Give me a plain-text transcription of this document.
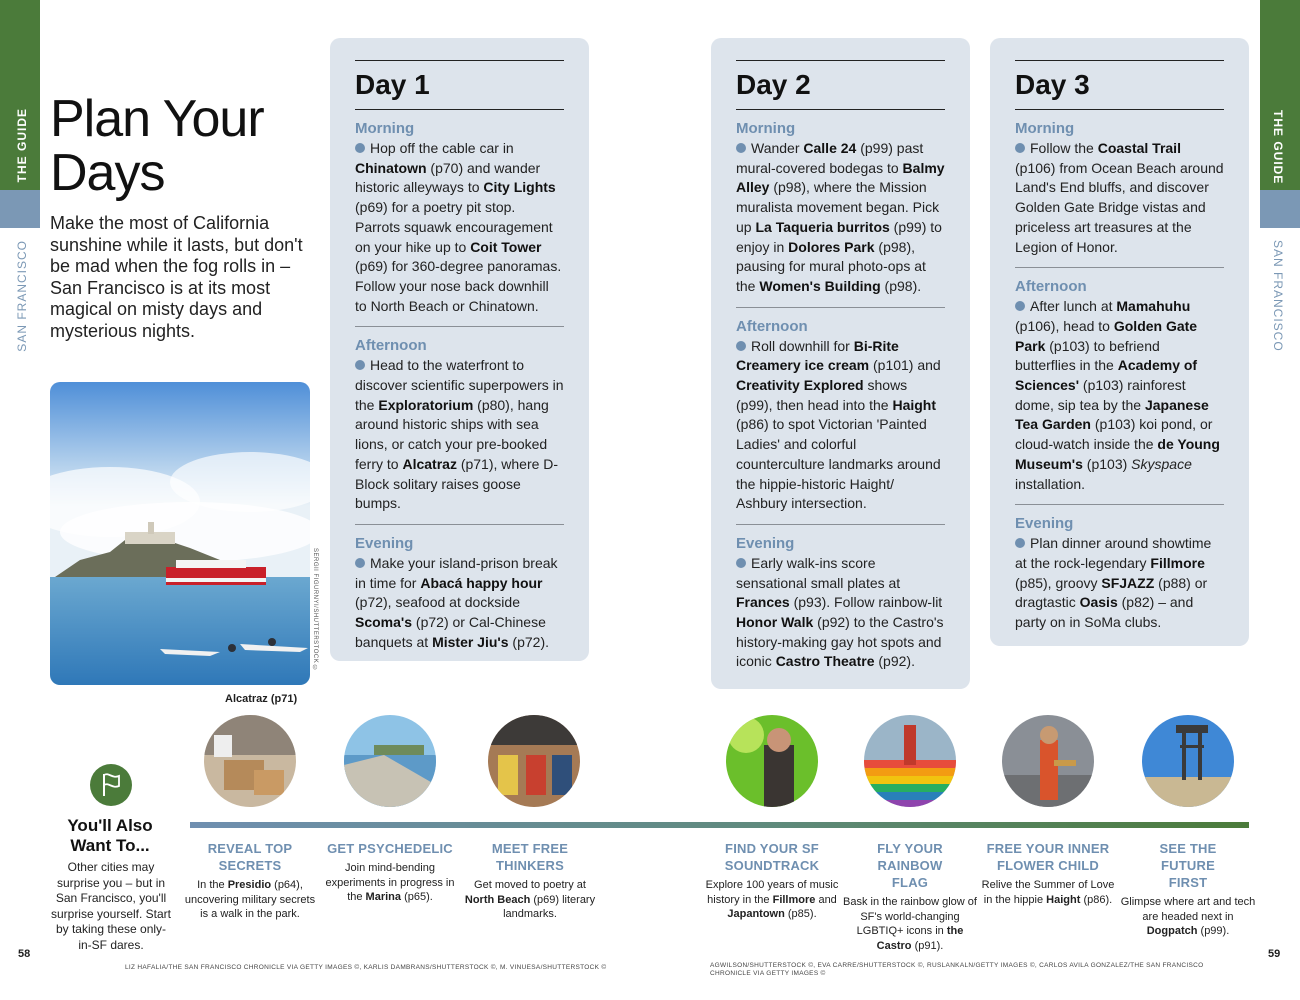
THE GUIDE
SAN FRANCISCO
THE GUIDE
SAN FRANCISCO
Plan Your
Days

Make the most of California sunshine while it lasts, but don't be mad when the fog rolls in – San Francisco is at its most magical on misty days and mysterious nights.

SERGII FIGURNYI/SHUTTERSTOCK ©
Alcatraz (p71)
Day 1
Morning
Hop off the cable car in Chinatown (p70) and wander historic alleyways to City Lights (p69) for a poetry pit stop. Parrots squawk encouragement on your hike up to Coit Tower (p69) for 360-degree panoramas. Follow your nose back downhill to North Beach or Chinatown.
Afternoon
Head to the waterfront to discover scientific superpowers in the Exploratorium (p80), hang around historic ships with sea lions, or catch your pre-booked ferry to Alcatraz (p71), where D-Block solitary raises goose bumps.
Evening
Make your island-prison break in time for Abacá happy hour (p72), seafood at dockside Scoma's (p72) or Cal-Chinese banquets at Mister Jiu's (p72).
Day 2
Morning
Wander Calle 24 (p99) past mural-covered bodegas to Balmy Alley (p98), where the Mission muralista movement began. Pick up La Taqueria burritos (p99) to enjoy in Dolores Park (p98), pausing for mural photo-ops at the Women's Building (p98).
Afternoon
Roll downhill for Bi-Rite Creamery ice cream (p101) and Creativity Explored shows (p99), then head into the Haight (p86) to spot Victorian 'Painted Ladies' and colorful counterculture landmarks around the hippie-historic Haight/ Ashbury intersection.
Evening
Early walk-ins score sensational small plates at Frances (p93). Follow rainbow-lit Honor Walk (p92) to the Castro's history-making gay hot spots and iconic Castro Theatre (p92).
Day 3
Morning
Follow the Coastal Trail (p106) from Ocean Beach around Land's End bluffs, and discover Golden Gate Bridge vistas and priceless art treasures at the Legion of Honor.
Afternoon
After lunch at Mamahuhu (p106), head to Golden Gate Park (p103) to befriend butterflies in the Academy of Sciences' (p103) rainforest dome, sip tea by the Japanese Tea Garden (p103) koi pond, or cloud-watch inside the de Young Museum's (p103) Skyspace installation.
Evening
Plan dinner around showtime at the rock-legendary Fillmore (p85), groovy SFJAZZ (p88) or dragtastic Oasis (p82) – and party on in SoMa clubs.
You'll Also Want To...
Other cities may surprise you – but in San Francisco, you'll surprise yourself. Start by taking these only-in-SF dares.
REVEAL TOP SECRETS
In the Presidio (p64), uncovering military secrets is a walk in the park.
GET PSYCHEDELIC
Join mind-bending experiments in progress in the Marina (p65).
MEET FREE THINKERS
Get moved to poetry at North Beach (p69) literary landmarks.
FIND YOUR SF SOUNDTRACK
Explore 100 years of music history in the Fillmore and Japantown (p85).
FLY YOUR RAINBOW FLAG
Bask in the rainbow glow of SF's world-changing LGBTIQ+ icons in the Castro (p91).
FREE YOUR INNER FLOWER CHILD
Relive the Summer of Love in the hippie Haight (p86).
SEE THE FUTURE FIRST
Glimpse where art and tech are headed next in Dogpatch (p99).
58	59
LIZ HAFALIA/THE SAN FRANCISCO CHRONICLE VIA GETTY IMAGES ©, KARLIS DAMBRANS/SHUTTERSTOCK ©, M. VINUESA/SHUTTERSTOCK ©	AGWILSON/SHUTTERSTOCK ©, EVA CARRE/SHUTTERSTOCK ©, RUSLANKALN/GETTY IMAGES ©, CARLOS AVILA GONZALEZ/THE SAN FRANCISCO CHRONICLE VIA GETTY IMAGES ©
